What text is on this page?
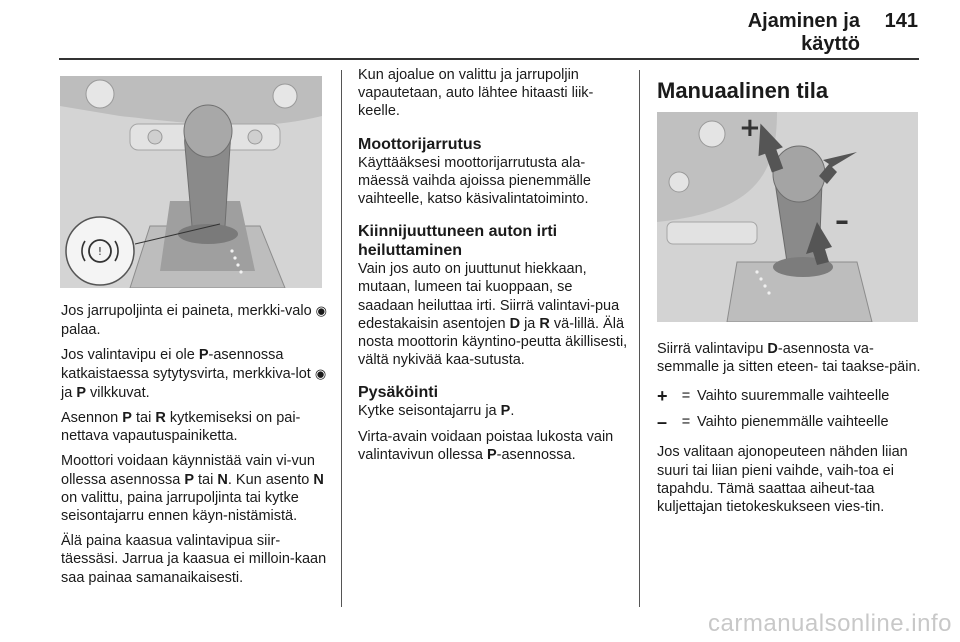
Ajaminen ja käyttö
141
!
+
–

Jos jarrupoljinta ei paineta, merkki-valo ◉ palaa.

Jos valintavipu ei ole P-asennossa katkaistaessa sytytysvirta, merkkiva-lot ◉ ja P vilkkuvat.

Asennon P tai R kytkemiseksi on pai-nettava vapautuspainiketta.

Moottori voidaan käynnistää vain vi-vun ollessa asennossa P tai N. Kun asento N on valittu, paina jarrupoljinta tai kytke seisontajarru ennen käyn-nistämistä.

Älä paina kaasua valintavipua siir-täessäsi. Jarrua ja kaasua ei milloin-kaan saa painaa samanaikaisesti.

Kun ajoalue on valittu ja jarrupoljin vapautetaan, auto lähtee hitaasti liik-keelle.

Moottorijarrutus

Käyttääksesi moottorijarrutusta ala-mäessä vaihda ajoissa pienemmälle vaihteelle, katso käsivalintatoiminto.

Kiinnijuuttuneen auton irti heiluttaminen

Vain jos auto on juuttunut hiekkaan, mutaan, lumeen tai kuoppaan, se saadaan heiluttaa irti. Siirrä valintavi-pua edestakaisin asentojen D ja R vä-lillä. Älä nosta moottorin käyntino-peutta äkillisesti, vältä nykivää kaa-sutusta.

Pysäköinti

Kytke seisontajarru ja P.

Virta-avain voidaan poistaa lukosta vain valintavivun ollessa P-asennossa.

Manuaalinen tila

Siirrä valintavipu D-asennosta va-semmalle ja sitten eteen- tai taakse-päin.

+ = Vaihto suuremmalle vaihteelle
–	= Vaihto pienemmälle vaihteelle

Jos valitaan ajonopeuteen nähden liian suuri tai liian pieni vaihde, vaih-toa ei tapahdu. Tämä saattaa aiheut-taa kuljettajan tietokeskukseen vies-tin.

carmanualsonline.info
